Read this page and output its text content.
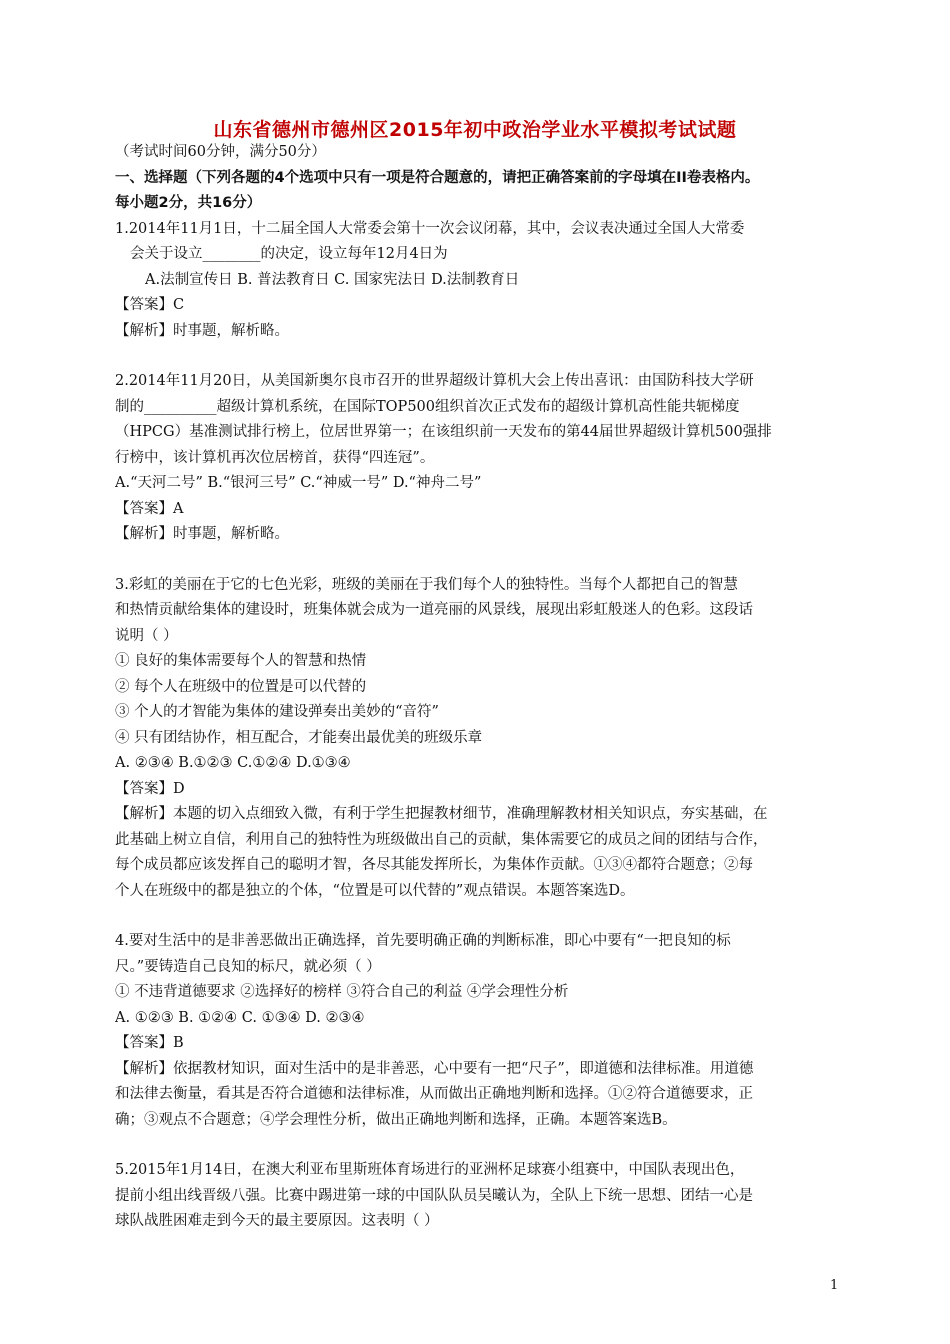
山东省德州市德州区2015年初中政治学业水平模拟考试试题
（考试时间60分钟，满分50分）
一、选择题（下列各题的4个选项中只有一项是符合题意的，请把正确答案前的字母填在II卷表格内。
每小题2分，共16分）
1.2014年11月1日，十二届全国人大常委会第十一次会议闭幕，其中，会议表决通过全国人大常委
会关于设立________的决定，设立每年12月4日为
A.法制宣传日 B. 普法教育日 C. 国家宪法日 D.法制教育日
【答案】C
【解析】时事题，解析略。
2.2014年11月20日，从美国新奥尔良市召开的世界超级计算机大会上传出喜讯：由国防科技大学研
制的__________超级计算机系统，在国际TOP500组织首次正式发布的超级计算机高性能共轭梯度
（HPCG）基准测试排行榜上，位居世界第一；在该组织前一天发布的第44届世界超级计算机500强排
行榜中，该计算机再次位居榜首，获得“四连冠”。
A.“天河二号” B.“银河三号” C.“神威一号” D.“神舟二号”
【答案】A
【解析】时事题，解析略。
3.彩虹的美丽在于它的七色光彩，班级的美丽在于我们每个人的独特性。当每个人都把自己的智慧
和热情贡献给集体的建设时，班集体就会成为一道亮丽的风景线，展现出彩虹般迷人的色彩。这段话
说明（ ）
① 良好的集体需要每个人的智慧和热情
② 每个人在班级中的位置是可以代替的
③ 个人的才智能为集体的建设弹奏出美妙的“音符”
④ 只有团结协作，相互配合，才能奏出最优美的班级乐章
A. ②③④ B.①②③ C.①②④ D.①③④
【答案】D
【解析】本题的切入点细致入微，有利于学生把握教材细节，准确理解教材相关知识点，夯实基础，在
此基础上树立自信，利用自己的独特性为班级做出自己的贡献，集体需要它的成员之间的团结与合作，
每个成员都应该发挥自己的聪明才智，各尽其能发挥所长，为集体作贡献。①③④都符合题意；②每
个人在班级中的都是独立的个体，“位置是可以代替的”观点错误。本题答案选D。
4.要对生活中的是非善恶做出正确选择，首先要明确正确的判断标准，即心中要有“一把良知的标
尺。”要铸造自己良知的标尺，就必须（ ）
① 不违背道德要求 ②选择好的榜样 ③符合自己的利益 ④学会理性分析
A. ①②③ B. ①②④ C. ①③④ D. ②③④
【答案】B
【解析】依据教材知识，面对生活中的是非善恶，心中要有一把“尺子”，即道德和法律标准。用道德
和法律去衡量，看其是否符合道德和法律标准，从而做出正确地判断和选择。①②符合道德要求，正
确；③观点不合题意；④学会理性分析，做出正确地判断和选择，正确。本题答案选B。
5.2015年1月14日，在澳大利亚布里斯班体育场进行的亚洲杯足球赛小组赛中，中国队表现出色，
提前小组出线晋级八强。比赛中踢进第一球的中国队队员吴曦认为，全队上下统一思想、团结一心是
球队战胜困难走到今天的最主要原因。这表明（ ）
1
